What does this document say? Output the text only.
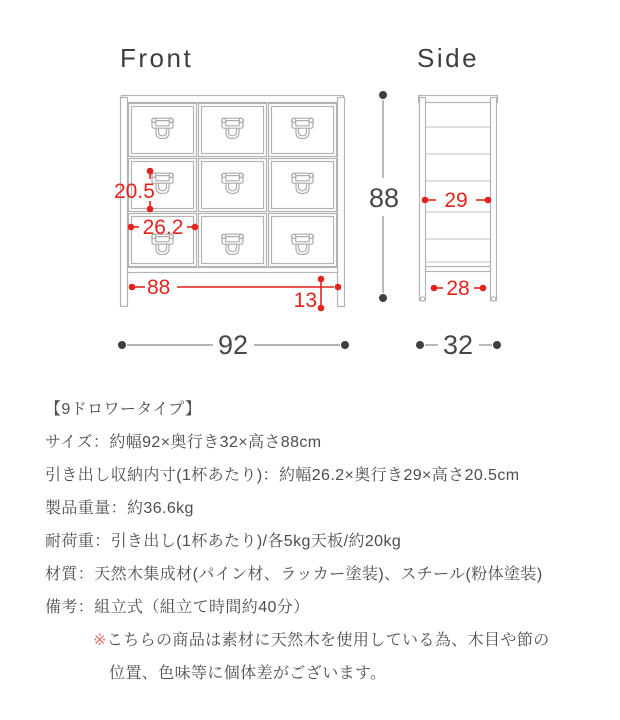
Front	Side
20.5
26.2
88
13
29
28
88
92	32
【9ドロワータイプ】
サイズ：約幅92×奥行き32×高さ88cm
引き出し収納内寸(1杯あたり)：約幅26.2×奥行き29×高さ20.5cm
製品重量：約36.6kg
耐荷重：引き出し(1杯あたり)/各5kg天板/約20kg
材質：天然木集成材(パイン材、ラッカー塗装)、スチール(粉体塗装)
備考：組立式（組立て時間約40分）
※こちらの商品は素材に天然木を使用している為、木目や節の
位置、色味等に個体差がございます。
